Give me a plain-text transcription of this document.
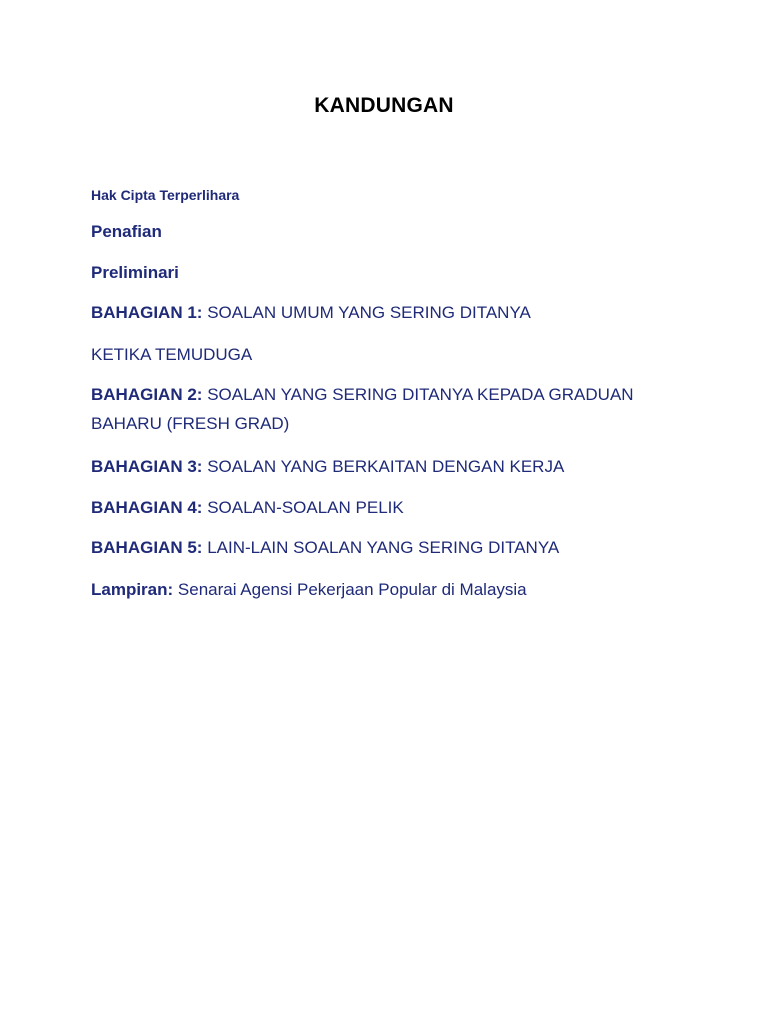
KANDUNGAN
Hak Cipta Terperlihara
Penafian
Preliminari
BAHAGIAN 1: SOALAN UMUM YANG SERING DITANYA
KETIKA TEMUDUGA
BAHAGIAN 2: SOALAN YANG SERING DITANYA KEPADA GRADUAN
BAHARU (FRESH GRAD)
BAHAGIAN 3: SOALAN YANG BERKAITAN DENGAN KERJA
BAHAGIAN 4: SOALAN-SOALAN PELIK
BAHAGIAN 5: LAIN-LAIN SOALAN YANG SERING DITANYA
Lampiran: Senarai Agensi Pekerjaan Popular di Malaysia
